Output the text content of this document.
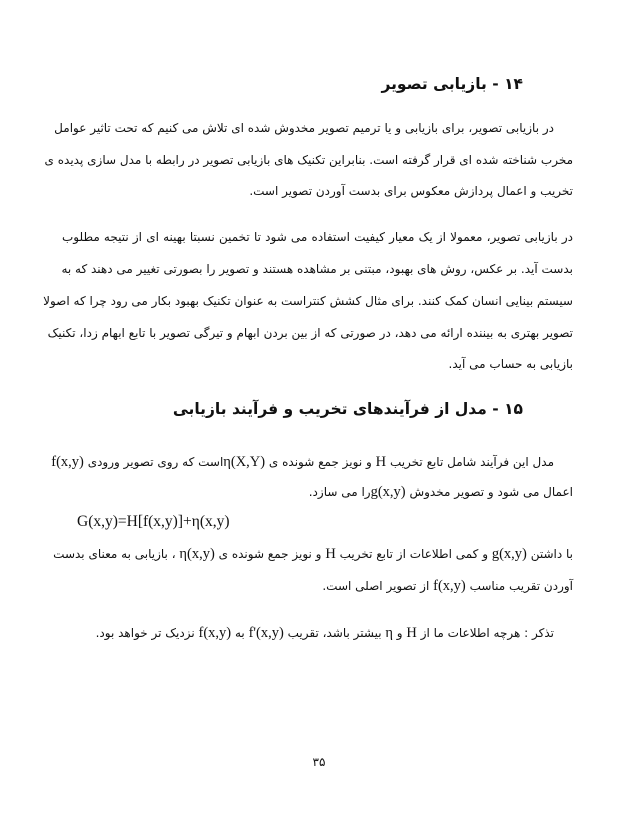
۱۴ - بازیابی تصویر
در بازیابی تصویر، برای بازیابی و یا ترمیم تصویر مخدوش شده ای تلاش می کنیم که تحت تاثیر عوامل
مخرب شناخته شده ای قرار گرفته است. بنابراین تکنیک های بازیابی تصویر در رابطه با مدل سازی پدیده ی
تخریب و اعمال پردازش معکوس برای بدست آوردن تصویر است.
در بازیابی تصویر، معمولا از یک معیار کیفیت استفاده می شود تا تخمین نسبتا بهینه ای از نتیجه مطلوب
بدست آید. بر عکس، روش های بهبود، مبتنی بر مشاهده هستند و تصویر را بصورتی تغییر می دهند که به
سیستم بینایی انسان کمک کنند. برای مثال کشش کنتراست به عنوان تکنیک بهبود بکار می رود چرا که اصولا
تصویر بهتری به بیننده ارائه می دهد، در صورتی که از بین بردن ابهام و تیرگی تصویر با تابع ابهام زدا، تکنیک
بازیابی به حساب می آید.
۱۵ - مدل از فرآیندهای تخریب و فرآیند بازیابی
مدل این فرآیند شامل تابع تخریب H و نویز جمع شونده ی η(X,Y)است که روی تصویر ورودی f(x,y)
اعمال می شود و تصویر مخدوش g(x,y)را می سازد.
G(x,y)=H[f(x,y)]+η(x,y)
با داشتن g(x,y) و کمی اطلاعات از تابع تخریب H و نویز جمع شونده ی η(x,y) ، بازیابی به معنای بدست
آوردن تقریب مناسب f(x,y) از تصویر اصلی است.
تذکر : هرچه اطلاعات ما از H و η بیشتر باشد، تقریب f'(x,y) به f(x,y) نزدیک تر خواهد بود.
۳۵
